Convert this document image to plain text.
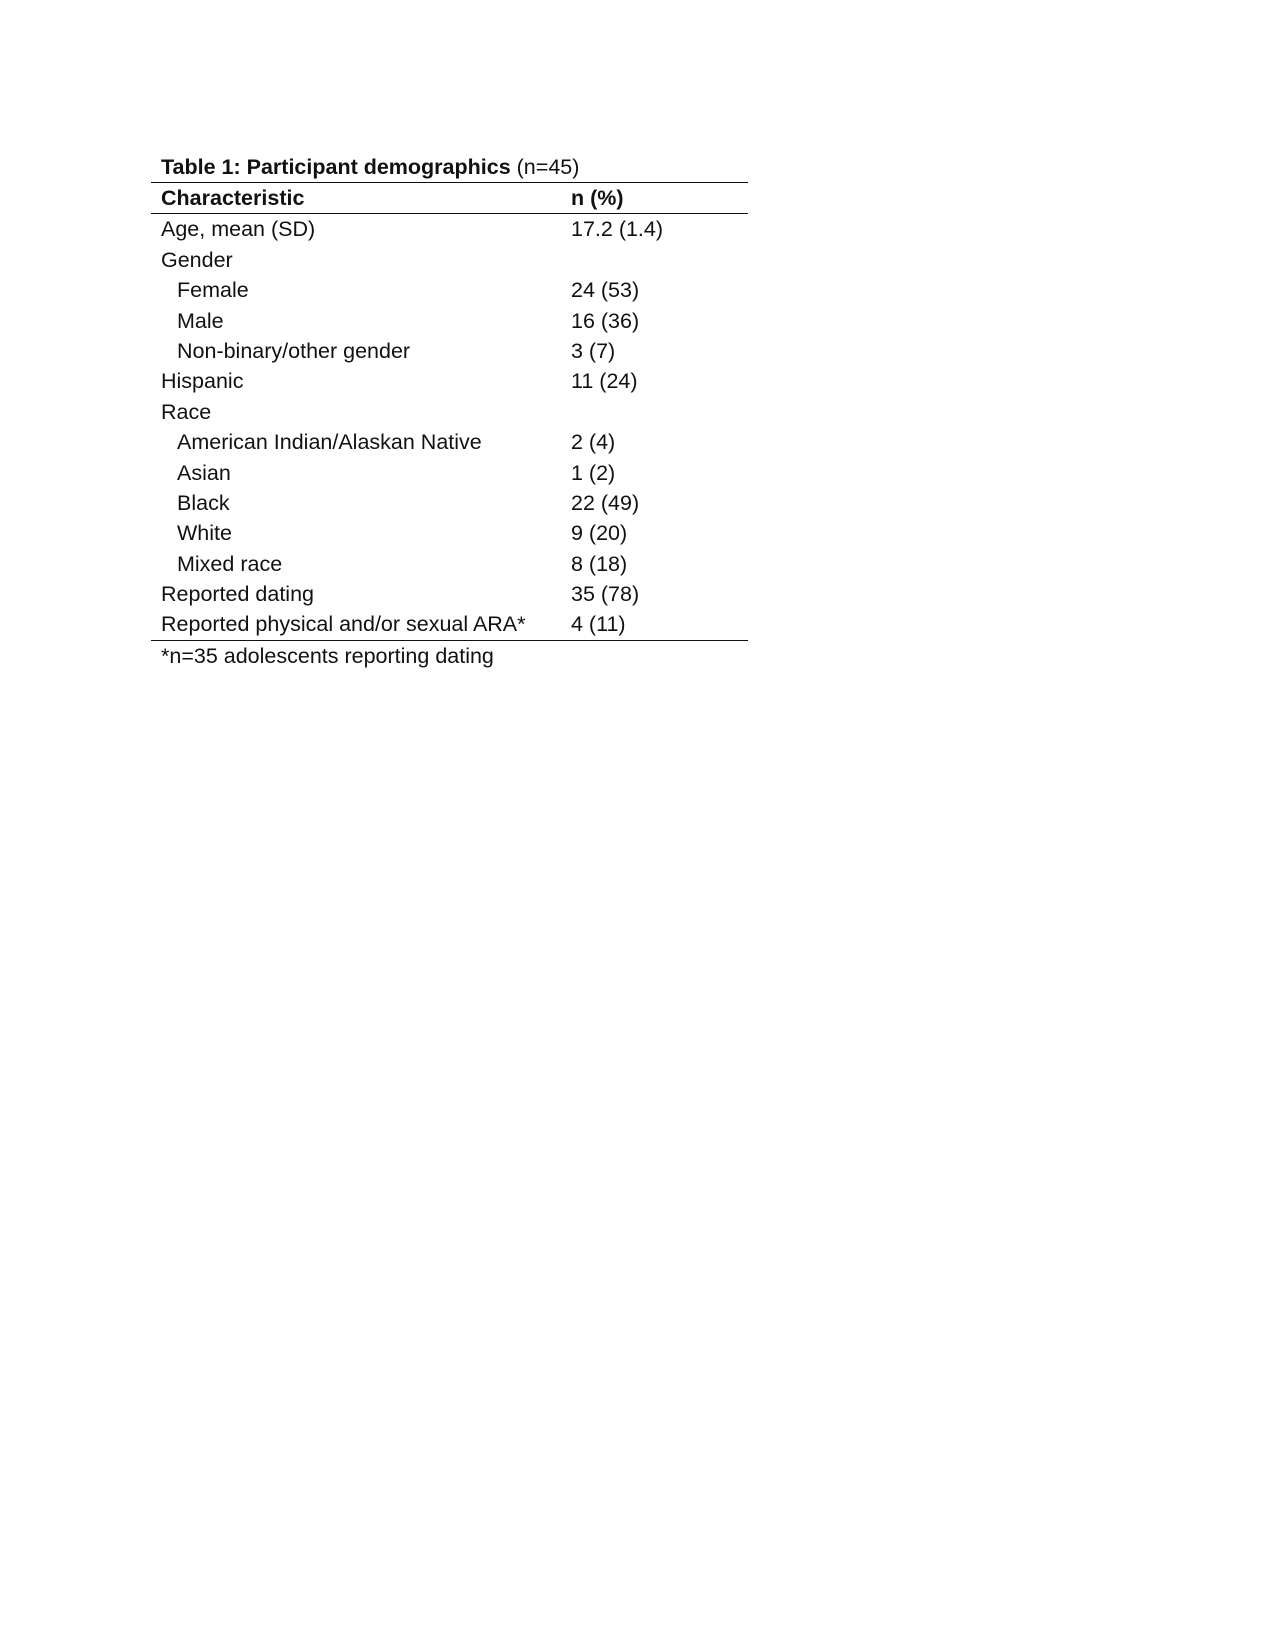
Table 1: Participant demographics (n=45)
Characteristic	n (%)
Age, mean (SD)	17.2 (1.4)
Gender
Female	24 (53)
Male	16 (36)
Non-binary/other gender	3 (7)
Hispanic	11 (24)
Race
American Indian/Alaskan Native	2 (4)
Asian	1 (2)
Black	22 (49)
White	9 (20)
Mixed race	8 (18)
Reported dating	35 (78)
Reported physical and/or sexual ARA*	4 (11)
*n=35 adolescents reporting dating
